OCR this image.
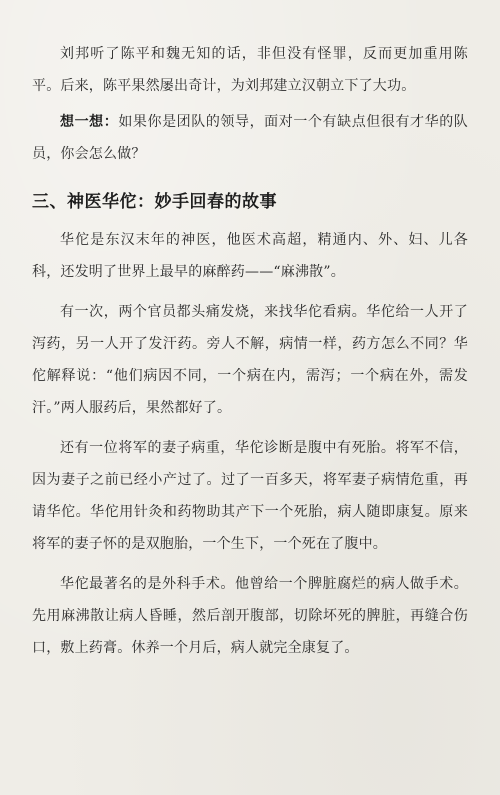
刘邦听了陈平和魏无知的话，非但没有怪罪，反而更加重用陈平。后来，陈平果然屡出奇计，为刘邦建立汉朝立下了大功。

想一想：如果你是团队的领导，面对一个有缺点但很有才华的队员，你会怎么做？

三、神医华佗：妙手回春的故事

华佗是东汉末年的神医，他医术高超，精通内、外、妇、儿各科，还发明了世界上最早的麻醉药——“麻沸散”。

有一次，两个官员都头痛发烧，来找华佗看病。华佗给一人开了泻药，另一人开了发汗药。旁人不解，病情一样，药方怎么不同？华佗解释说：“他们病因不同，一个病在内，需泻；一个病在外，需发汗。”两人服药后，果然都好了。

还有一位将军的妻子病重，华佗诊断是腹中有死胎。将军不信，因为妻子之前已经小产过了。过了一百多天，将军妻子病情危重，再请华佗。华佗用针灸和药物助其产下一个死胎，病人随即康复。原来将军的妻子怀的是双胞胎，一个生下，一个死在了腹中。

华佗最著名的是外科手术。他曾给一个脾脏腐烂的病人做手术。先用麻沸散让病人昏睡，然后剖开腹部，切除坏死的脾脏，再缝合伤口，敷上药膏。休养一个月后，病人就完全康复了。
